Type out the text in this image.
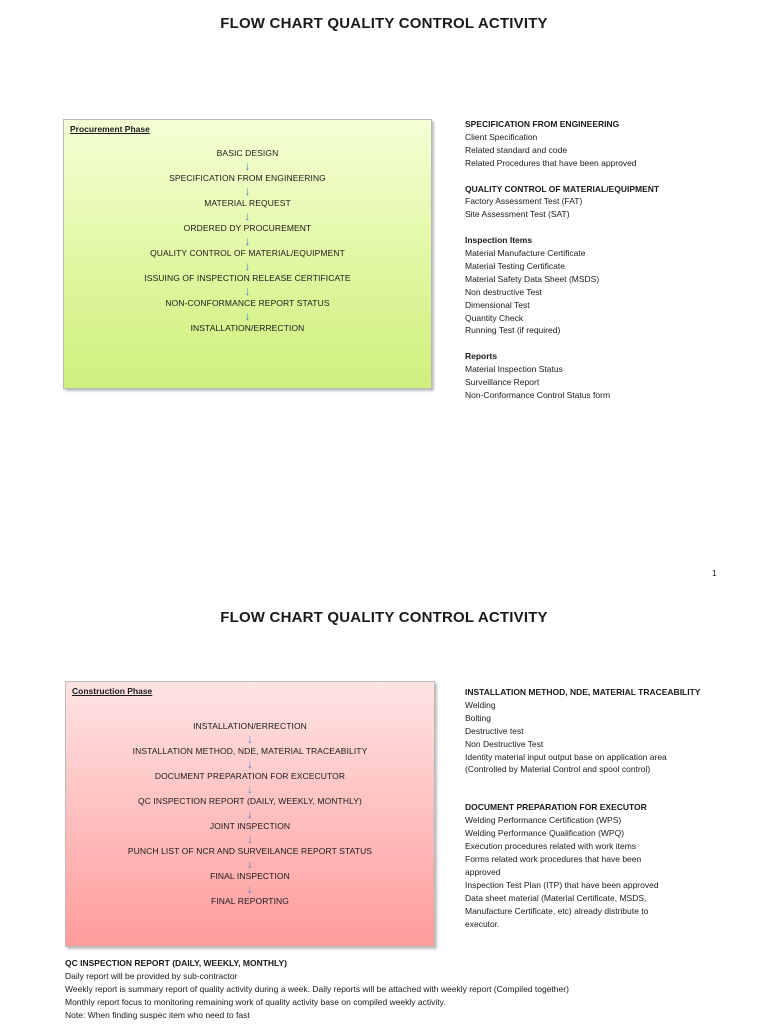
FLOW CHART QUALITY CONTROL ACTIVITY
Procurement Phase
BASIC DESIGN
↓
SPECIFICATION FROM ENGINEERING
↓
MATERIAL REQUEST
↓
ORDERED DY PROCUREMENT
↓
QUALITY CONTROL OF MATERIAL/EQUIPMENT
↓
ISSUING OF INSPECTION RELEASE CERTIFICATE
↓
NON-CONFORMANCE REPORT STATUS
↓
INSTALLATION/ERRECTION
SPECIFICATION FROM ENGINEERING
Client Specification
Related standard and code
Related Procedures that have been approved
QUALITY CONTROL OF MATERIAL/EQUIPMENT
Factory Assessment Test (FAT)
Site Assessment Test (SAT)
Inspection Items
Material Manufacture Certificate
Material Testing Certificate
Material Safety Data Sheet (MSDS)
Non destructive Test
Dimensional Test
Quantity Check
Running Test (if required)
Reports
Material Inspection Status
Surveillance Report
Non-Conformance Control Status form
1
FLOW CHART QUALITY CONTROL ACTIVITY
Construction Phase
INSTALLATION/ERRECTION
↓
INSTALLATION METHOD, NDE, MATERIAL TRACEABILITY
↓
DOCUMENT PREPARATION FOR EXCECUTOR
↓
QC INSPECTION REPORT (DAILY, WEEKLY, MONTHLY)
↓
JOINT INSPECTION
↓
PUNCH LIST OF NCR AND SURVEILANCE REPORT STATUS
↓
FINAL INSPECTION
↓
FINAL REPORTING
INSTALLATION METHOD, NDE, MATERIAL TRACEABILITY
Welding
Bolting
Destructive test
Non Destructive Test
Identity material input output base on application area
(Controlled by Material Control and spool control)
DOCUMENT PREPARATION FOR EXECUTOR
Welding Performance Certification (WPS)
Welding Performance Qualification (WPQ)
Execution procedures related with work items
Forms related work procedures that have been
approved
Inspection Test Plan (ITP) that have been approved
Data sheet material (Material Certificate, MSDS,
Manufacture Certificate, etc) already distribute to
executor.
QC INSPECTION REPORT (DAILY, WEEKLY, MONTHLY)
Daily report will be provided by sub-contractor
Weekly report is summary report of quality activity during a week. Daily reports will be attached with weekly report (Compiled together)
Monthly report focus to monitoring remaining work of quality activity base on compiled weekly activity.
Note: When finding suspec item who need to fast
